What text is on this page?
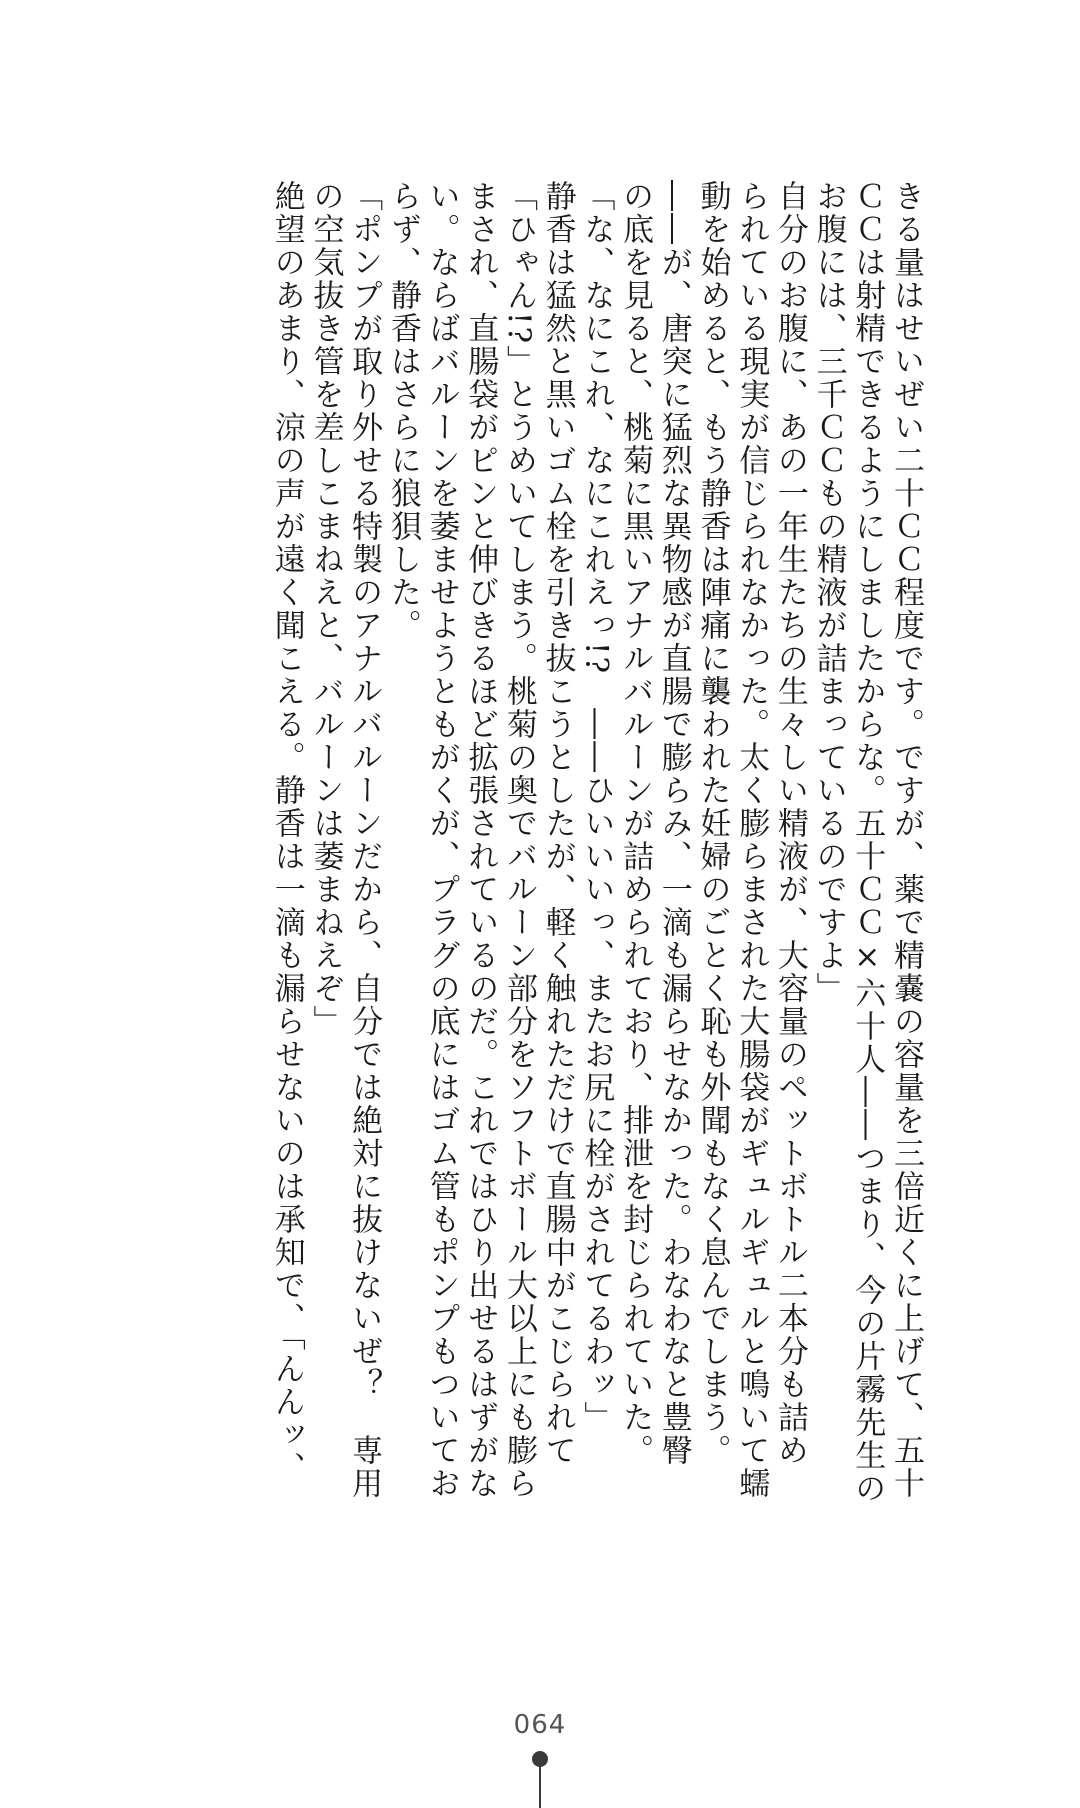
きる量はせいぜい二十ＣＣ程度です。ですが、薬で精嚢の容量を三倍近くに上げて、五十
ＣＣは射精できるようにしましたからな。五十ＣＣ×六十人――つまり、今の片霧先生の
お腹には、三千ＣＣもの精液が詰まっているのですよ」
自分のお腹に、あの一年生たちの生々しい精液が、大容量のペットボトル二本分も詰め
られている現実が信じられなかった。太く膨らまされた大腸袋がギュルギュルと鳴いて蠕
動を始めると、もう静香は陣痛に襲われた妊婦のごとく恥も外聞もなく息んでしまう。
――が、唐突に猛烈な異物感が直腸で膨らみ、一滴も漏らせなかった。わなわなと豊臀
の底を見ると、桃菊に黒いアナルバルーンが詰められており、排泄を封じられていた。
「な、なにこれ、なにこれえっ!?　――ひいいいっ、またお尻に栓がされてるわッ」
静香は猛然と黒いゴム栓を引き抜こうとしたが、軽く触れただけで直腸中がこじられて
「ひゃん!?」とうめいてしまう。桃菊の奥でバルーン部分をソフトボール大以上にも膨ら
まされ、直腸袋がピンと伸びきるほど拡張されているのだ。これではひり出せるはずがな
い。ならばバルーンを萎ませようともがくが、プラグの底にはゴム管もポンプもついてお
らず、静香はさらに狼狽した。
「ポンプが取り外せる特製のアナルバルーンだから、自分では絶対に抜けないぜ？　専用
の空気抜き管を差しこまねえと、バルーンは萎まねえぞ」
絶望のあまり、涼の声が遠く聞こえる。静香は一滴も漏らせないのは承知で、「んんッ、
064
